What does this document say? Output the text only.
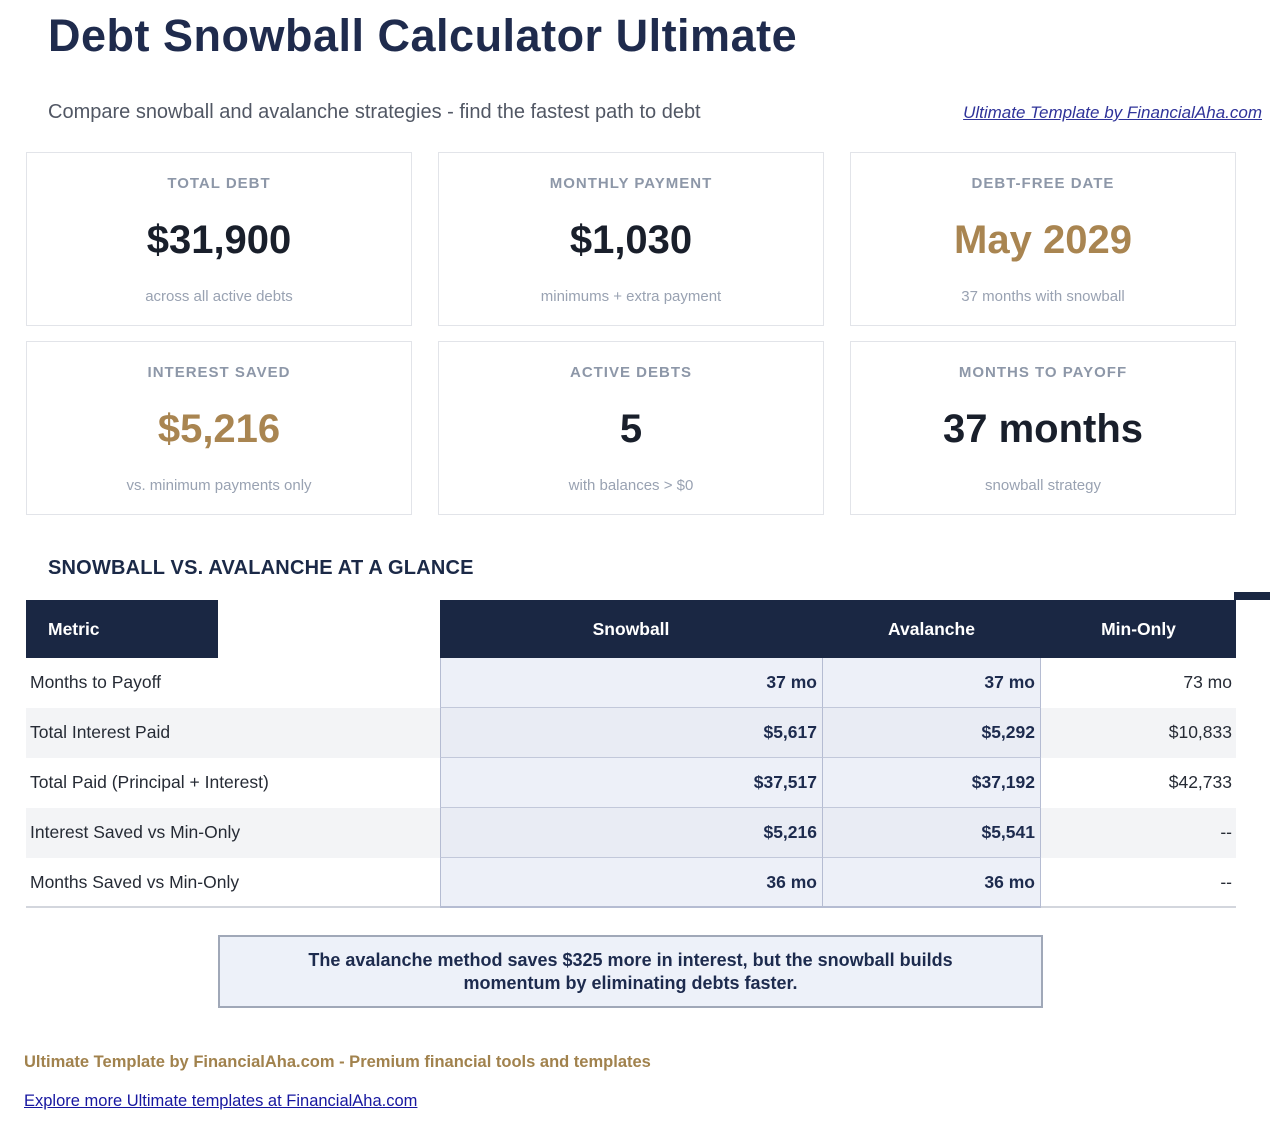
Debt Snowball Calculator Ultimate
Compare snowball and avalanche strategies - find the fastest path to debt	Ultimate Template by FinancialAha.com
TOTAL DEBT
$31,900
across all active debts
MONTHLY PAYMENT
$1,030
minimums + extra payment
DEBT-FREE DATE
May 2029
37 months with snowball
INTEREST SAVED
$5,216
vs. minimum payments only
ACTIVE DEBTS
5
with balances > $0
MONTHS TO PAYOFF
37 months
snowball strategy
SNOWBALL VS. AVALANCHE AT A GLANCE
Metric	Snowball	Avalanche	Min-Only
Months to Payoff	37 mo	37 mo	73 mo
Total Interest Paid	$5,617	$5,292	$10,833
Total Paid (Principal + Interest)	$37,517	$37,192	$42,733
Interest Saved vs Min-Only	$5,216	$5,541	--
Months Saved vs Min-Only	36 mo	36 mo	--
The avalanche method saves $325 more in interest, but the snowball builds momentum by eliminating debts faster.
Ultimate Template by FinancialAha.com - Premium financial tools and templates
Explore more Ultimate templates at FinancialAha.com
